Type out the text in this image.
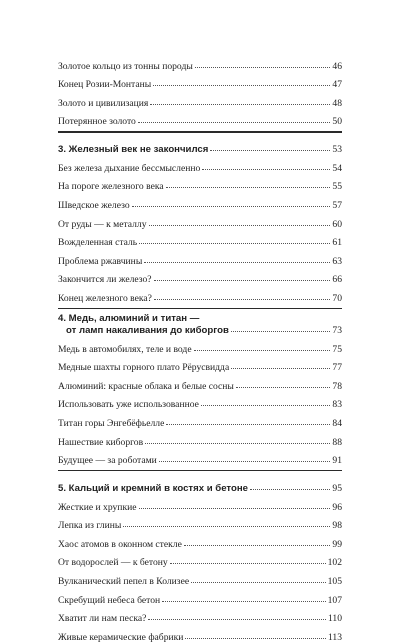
Золотое кольцо из тонны породы	46
Конец Розии-Монтаны	47
Золото и цивилизация	48
Потерянное золото	50
3. Железный век не закончился	53
Без железа дыхание бессмысленно	54
На пороге железного века	55
Шведское железо	57
От руды — к металлу	60
Вожделенная сталь	61
Проблема ржавчины	63
Закончится ли железо?	66
Конец железного века?	70
4. Медь, алюминий и титан —
от ламп накаливания до киборгов	73
Медь в автомобилях, теле и воде	75
Медные шахты горного плато Рёрусвидда	77
Алюминий: красные облака и белые сосны	78
Использовать уже использованное	83
Титан горы Энгебёфьелле	84
Нашествие киборгов	88
Будущее — за роботами	91
5. Кальций и кремний в костях и бетоне	95
Жесткие и хрупкие	96
Лепка из глины	98
Хаос атомов в оконном стекле	99
От водорослей — к бетону	102
Вулканический пепел в Колизее	105
Скребущий небеса бетон	107
Хватит ли нам песка?	110
Живые керамические фабрики	113
